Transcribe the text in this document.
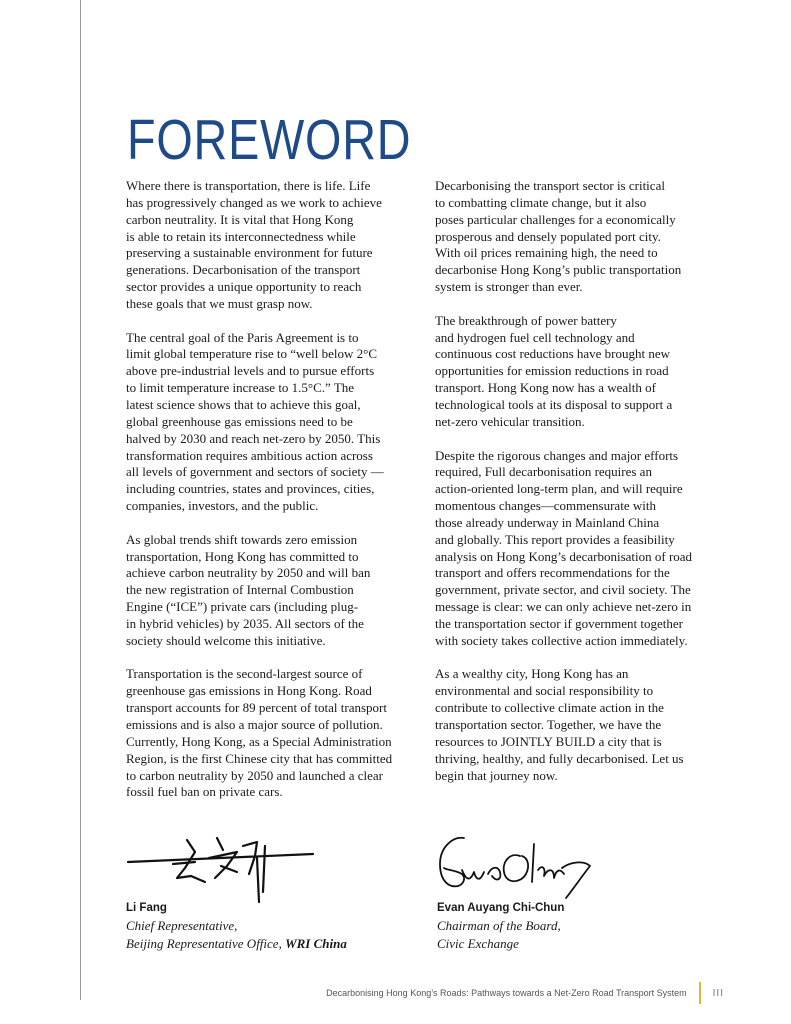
FOREWORD

Where there is transportation, there is life. Life
has progressively changed as we work to achieve
carbon neutrality. It is vital that Hong Kong
is able to retain its interconnectedness while
preserving a sustainable environment for future
generations. Decarbonisation of the transport
sector provides a unique opportunity to reach
these goals that we must grasp now.

The central goal of the Paris Agreement is to
limit global temperature rise to “well below 2°C
above pre-industrial levels and to pursue efforts
to limit temperature increase to 1.5°C.” The
latest science shows that to achieve this goal,
global greenhouse gas emissions need to be
halved by 2030 and reach net-zero by 2050. This
transformation requires ambitious action across
all levels of government and sectors of society —
including countries, states and provinces, cities,
companies, investors, and the public.

As global trends shift towards zero emission
transportation, Hong Kong has committed to
achieve carbon neutrality by 2050 and will ban
the new registration of Internal Combustion
Engine (“ICE”) private cars (including plug-
in hybrid vehicles) by 2035. All sectors of the
society should welcome this initiative.

Transportation is the second-largest source of
greenhouse gas emissions in Hong Kong. Road
transport accounts for 89 percent of total transport
emissions and is also a major source of pollution.
Currently, Hong Kong, as a Special Administration
Region, is the first Chinese city that has committed
to carbon neutrality by 2050 and launched a clear
fossil fuel ban on private cars.

Decarbonising the transport sector is critical
to combatting climate change, but it also
poses particular challenges for a economically
prosperous and densely populated port city.
With oil prices remaining high, the need to
decarbonise Hong Kong’s public transportation
system is stronger than ever.

The breakthrough of power battery
and hydrogen fuel cell technology and
continuous cost reductions have brought new
opportunities for emission reductions in road
transport. Hong Kong now has a wealth of
technological tools at its disposal to support a
net-zero vehicular transition.

Despite the rigorous changes and major efforts
required, Full decarbonisation requires an
action-oriented long-term plan, and will require
momentous changes—commensurate with
those already underway in Mainland China
and globally. This report provides a feasibility
analysis on Hong Kong’s decarbonisation of road
transport and offers recommendations for the
government, private sector, and civil society. The
message is clear: we can only achieve net-zero in
the transportation sector if government together
with society takes collective action immediately.

As a wealthy city, Hong Kong has an
environmental and social responsibility to
contribute to collective climate action in the
transportation sector. Together, we have the
resources to JOINTLY BUILD a city that is
thriving, healthy, and fully decarbonised. Let us
begin that journey now.

Li Fang
Chief Representative,
Beijing Representative Office, WRI China
Evan Auyang Chi-Chun
Chairman of the Board,
Civic Exchange
Decarbonising Hong Kong’s Roads: Pathways towards a Net-Zero Road Transport System	III
